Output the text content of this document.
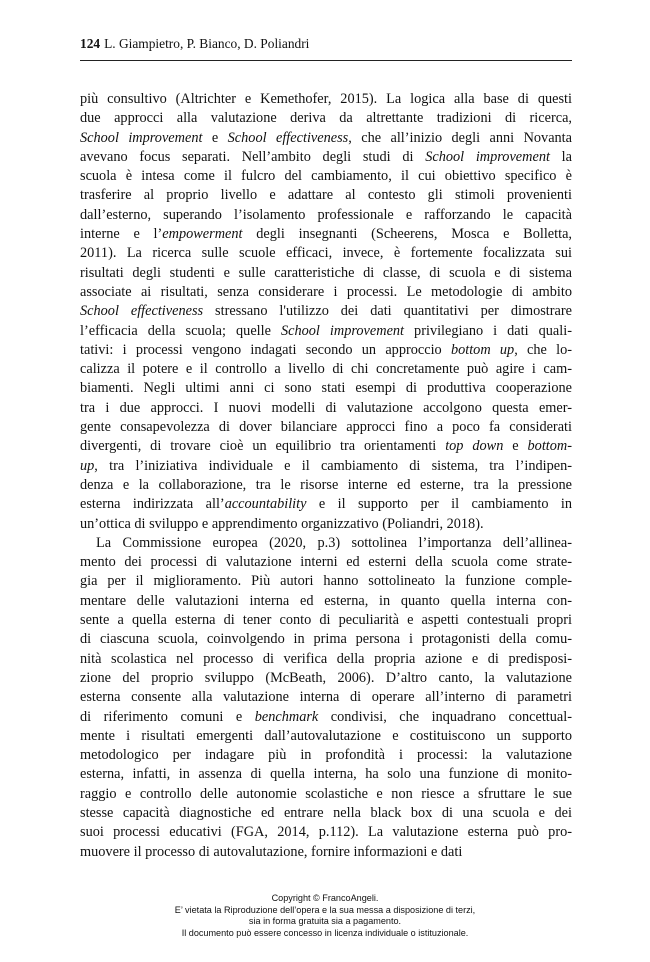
124 L. Giampietro, P. Bianco, D. Poliandri
più consultivo (Altrichter e Kemethofer, 2015). La logica alla base di questi
due approcci alla valutazione deriva da altrettante tradizioni di ricerca,
School improvement e School effectiveness, che all’inizio degli anni Novanta
avevano focus separati. Nell’ambito degli studi di School improvement la
scuola è intesa come il fulcro del cambiamento, il cui obiettivo specifico è
trasferire al proprio livello e adattare al contesto gli stimoli provenienti
dall’esterno, superando l’isolamento professionale e rafforzando le capacità
interne e l’empowerment degli insegnanti (Scheerens, Mosca e Bolletta,
2011). La ricerca sulle scuole efficaci, invece, è fortemente focalizzata sui
risultati degli studenti e sulle caratteristiche di classe, di scuola e di sistema
associate ai risultati, senza considerare i processi. Le metodologie di ambito
School effectiveness stressano l'utilizzo dei dati quantitativi per dimostrare
l’efficacia della scuola; quelle School improvement privilegiano i dati quali-
tativi: i processi vengono indagati secondo un approccio bottom up, che lo-
calizza il potere e il controllo a livello di chi concretamente può agire i cam-
biamenti. Negli ultimi anni ci sono stati esempi di produttiva cooperazione
tra i due approcci. I nuovi modelli di valutazione accolgono questa emer-
gente consapevolezza di dover bilanciare approcci fino a poco fa considerati
divergenti, di trovare cioè un equilibrio tra orientamenti top down e bottom-
up, tra l’iniziativa individuale e il cambiamento di sistema, tra l’indipen-
denza e la collaborazione, tra le risorse interne ed esterne, tra la pressione
esterna indirizzata all’accountability e il supporto per il cambiamento in
un’ottica di sviluppo e apprendimento organizzativo (Poliandri, 2018).
La Commissione europea (2020, p.3) sottolinea l’importanza dell’allinea-
mento dei processi di valutazione interni ed esterni della scuola come strate-
gia per il miglioramento. Più autori hanno sottolineato la funzione comple-
mentare delle valutazioni interna ed esterna, in quanto quella interna con-
sente a quella esterna di tener conto di peculiarità e aspetti contestuali propri
di ciascuna scuola, coinvolgendo in prima persona i protagonisti della comu-
nità scolastica nel processo di verifica della propria azione e di predisposi-
zione del proprio sviluppo (McBeath, 2006). D’altro canto, la valutazione
esterna consente alla valutazione interna di operare all’interno di parametri
di riferimento comuni e benchmark condivisi, che inquadrano concettual-
mente i risultati emergenti dall’autovalutazione e costituiscono un supporto
metodologico per indagare più in profondità i processi: la valutazione
esterna, infatti, in assenza di quella interna, ha solo una funzione di monito-
raggio e controllo delle autonomie scolastiche e non riesce a sfruttare le sue
stesse capacità diagnostiche ed entrare nella black box di una scuola e dei
suoi processi educativi (FGA, 2014, p.112). La valutazione esterna può pro-
muovere il processo di autovalutazione, fornire informazioni e dati
Copyright © FrancoAngeli.
E’ vietata la Riproduzione dell’opera e la sua messa a disposizione di terzi,
sia in forma gratuita sia a pagamento.
Il documento può essere concesso in licenza individuale o istituzionale.
